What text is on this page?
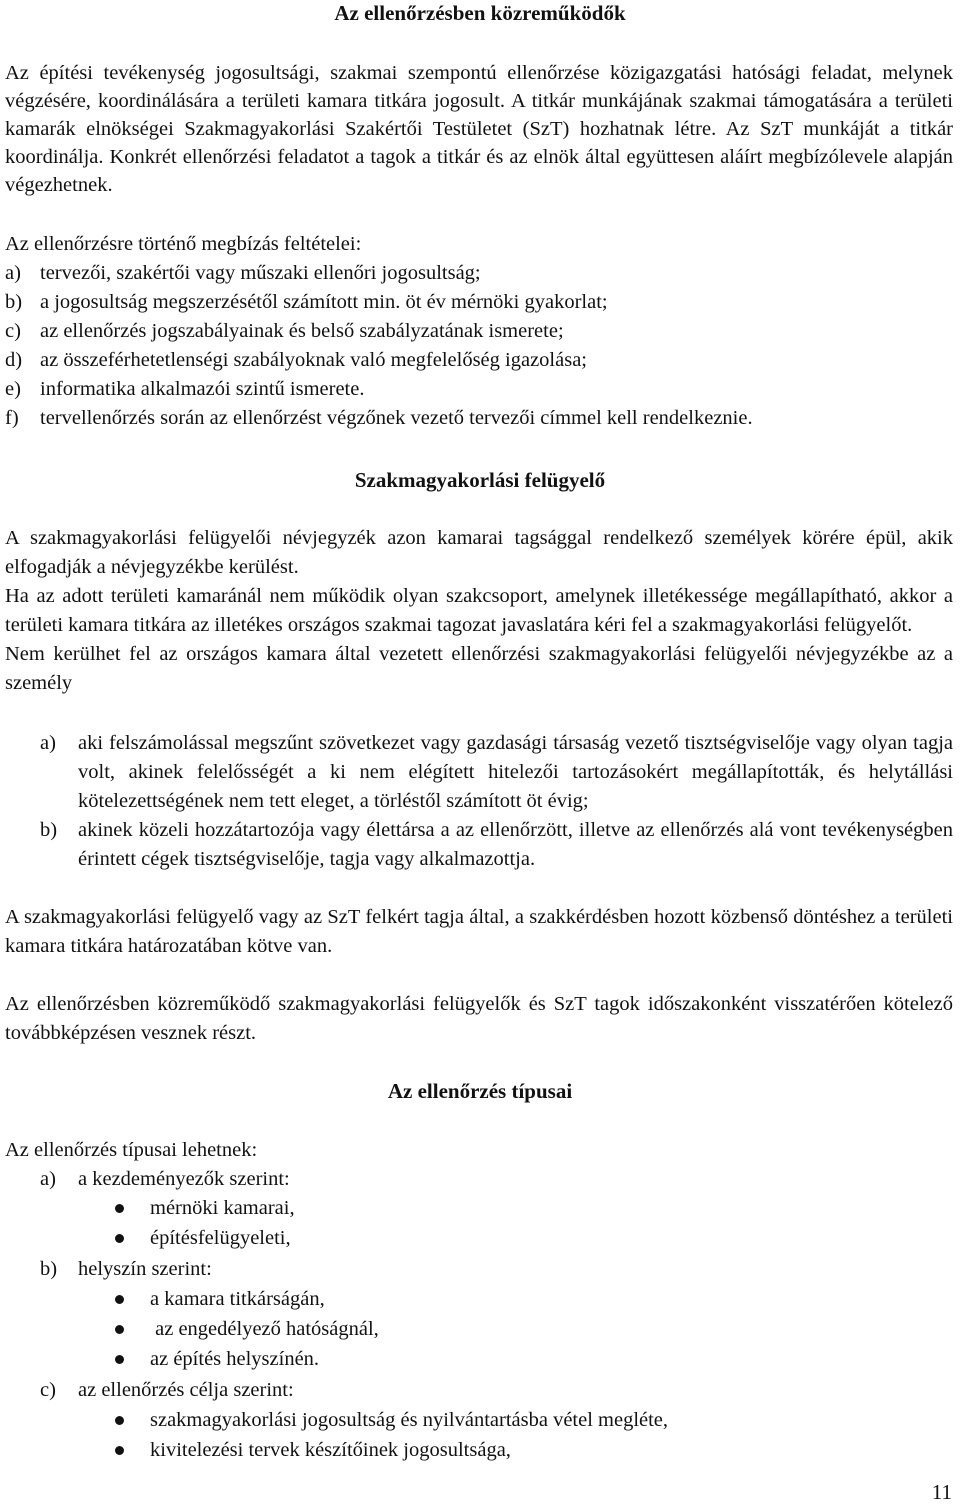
Az ellenőrzésben közreműködők

Az építési tevékenység jogosultsági, szakmai szempontú ellenőrzése közigazgatási hatósági feladat, melynek végzésére, koordinálására a területi kamara titkára jogosult. A titkár munkájának szakmai támogatására a területi kamarák elnökségei Szakmagyakorlási Szakértői Testületet (SzT) hozhatnak létre. Az SzT munkáját a titkár koordinálja. Konkrét ellenőrzési feladatot a tagok a titkár és az elnök által együttesen aláírt megbízólevele alapján végezhetnek.

Az ellenőrzésre történő megbízás feltételei:
a) tervezői, szakértői vagy műszaki ellenőri jogosultság;
b) a jogosultság megszerzésétől számított min. öt év mérnöki gyakorlat;
c) az ellenőrzés jogszabályainak és belső szabályzatának ismerete;
d) az összeférhetetlenségi szabályoknak való megfelelőség igazolása;
e) informatika alkalmazói szintű ismerete.
f)	tervellenőrzés során az ellenőrzést végzőnek vezető tervezői címmel kell rendelkeznie.
Szakmagyakorlási felügyelő

A szakmagyakorlási felügyelői névjegyzék azon kamarai tagsággal rendelkező személyek körére épül, akik elfogadják a névjegyzékbe kerülést.

Ha az adott területi kamaránál nem működik olyan szakcsoport, amelynek illetékessége megállapítható, akkor a területi kamara titkára az illetékes országos szakmai tagozat javaslatára kéri fel a szakmagyakorlási felügyelőt.

Nem kerülhet fel az országos kamara által vezetett ellenőrzési szakmagyakorlási felügyelői névjegyzékbe az a személy

a)	aki felszámolással megszűnt szövetkezet vagy gazdasági társaság vezető tisztségviselője vagy olyan tagja volt, akinek felelősségét a ki nem elégített hitelezői tartozásokért megállapították, és helytállási kötelezettségének nem tett eleget, a törléstől számított öt évig;
b)	akinek közeli hozzátartozója vagy élettársa a az ellenőrzött, illetve az ellenőrzés alá vont tevékenységben érintett cégek tisztségviselője, tagja vagy alkalmazottja.

A szakmagyakorlási felügyelő vagy az SzT felkért tagja által, a szakkérdésben hozott közbenső döntéshez a területi kamara titkára határozatában kötve van.

Az ellenőrzésben közreműködő szakmagyakorlási felügyelők és SzT tagok időszakonként visszatérően kötelező továbbképzésen vesznek részt.

Az ellenőrzés típusai

Az ellenőrzés típusai lehetnek:

a)	a kezdeményezők szerint:
mérnöki kamarai,
építésfelügyeleti,
b)	helyszín szerint:
a kamara titkárságán,
az engedélyező hatóságnál,
az építés helyszínén.
c)	az ellenőrzés célja szerint:
szakmagyakorlási jogosultság és nyilvántartásba vétel megléte,
kivitelezési tervek készítőinek jogosultsága,
11
